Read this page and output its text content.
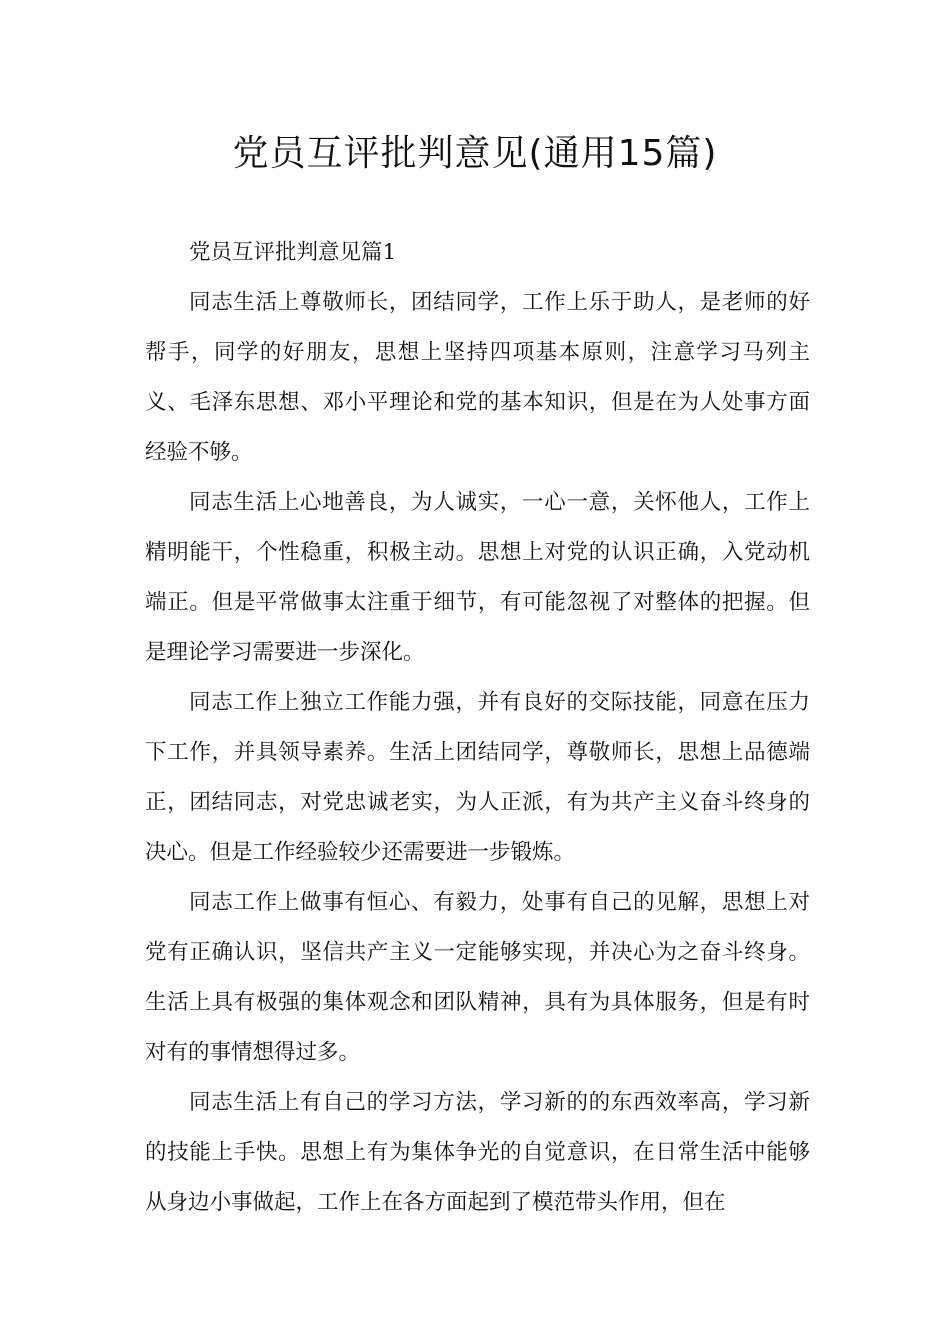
党员互评批判意见(通用15篇)

党员互评批判意见篇1

同志生活上尊敬师长，团结同学，工作上乐于助人，是老师的好帮手，同学的好朋友，思想上坚持四项基本原则，注意学习马列主义、毛泽东思想、邓小平理论和党的基本知识，但是在为人处事方面经验不够。

同志生活上心地善良，为人诚实，一心一意，关怀他人，工作上精明能干，个性稳重，积极主动。思想上对党的认识正确，入党动机端正。但是平常做事太注重于细节，有可能忽视了对整体的把握。但是理论学习需要进一步深化。

同志工作上独立工作能力强，并有良好的交际技能，同意在压力下工作，并具领导素养。生活上团结同学，尊敬师长，思想上品德端正，团结同志，对党忠诚老实，为人正派，有为共产主义奋斗终身的决心。但是工作经验较少还需要进一步锻炼。

同志工作上做事有恒心、有毅力，处事有自己的见解，思想上对党有正确认识，坚信共产主义一定能够实现，并决心为之奋斗终身。生活上具有极强的集体观念和团队精神，具有为具体服务，但是有时对有的事情想得过多。

同志生活上有自己的学习方法，学习新的的东西效率高，学习新的技能上手快。思想上有为集体争光的自觉意识，在日常生活中能够从身边小事做起，工作上在各方面起到了模范带头作用，但在
